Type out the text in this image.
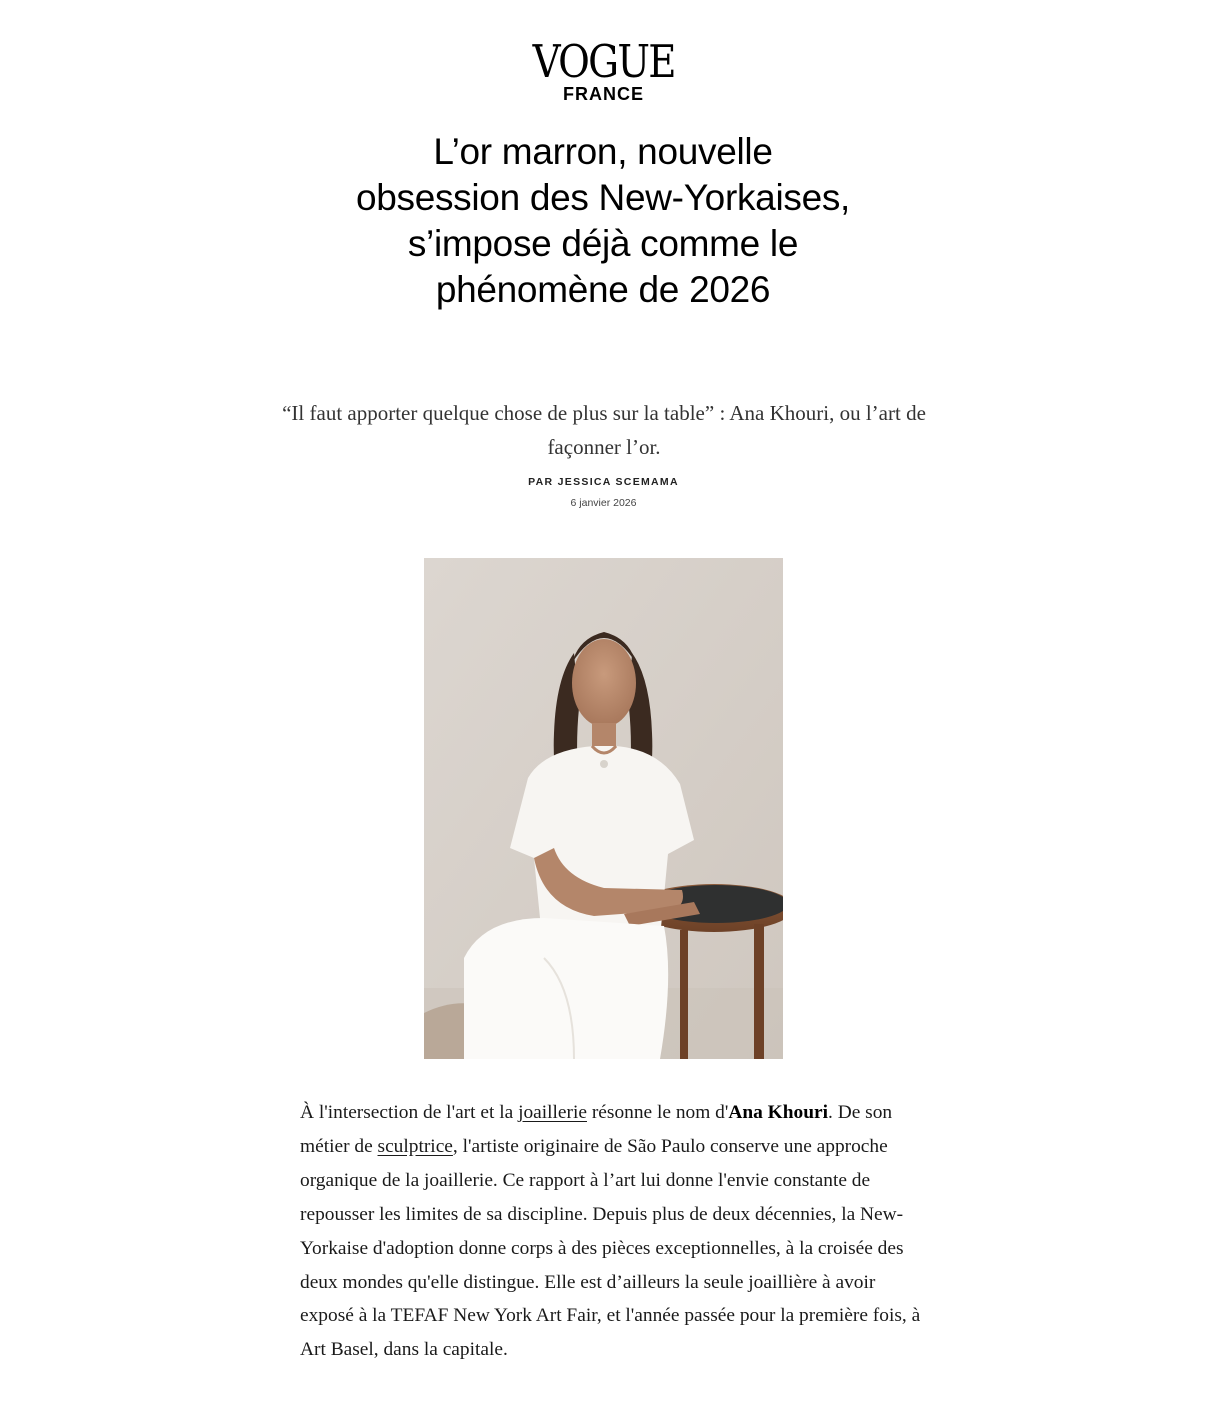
VOGUE
FRANCE
L’or marron, nouvelle obsession des New-Yorkaises, s’impose déjà comme le phénomène de 2026

“Il faut apporter quelque chose de plus sur la table” : Ana Khouri, ou l’art de façonner l’or.

PAR JESSICA SCEMAMA
6 janvier 2026

À l'intersection de l'art et la joaillerie résonne le nom d'Ana Khouri. De son métier de sculptrice, l'artiste originaire de São Paulo conserve une approche organique de la joaillerie. Ce rapport à l’art lui donne l'envie constante de repousser les limites de sa discipline. Depuis plus de deux décennies, la New-Yorkaise d'adoption donne corps à des pièces exceptionnelles, à la croisée des deux mondes qu'elle distingue. Elle est d’ailleurs la seule joaillière à avoir exposé à la TEFAF New York Art Fair, et l'année passée pour la première fois, à Art Basel, dans la capitale.
